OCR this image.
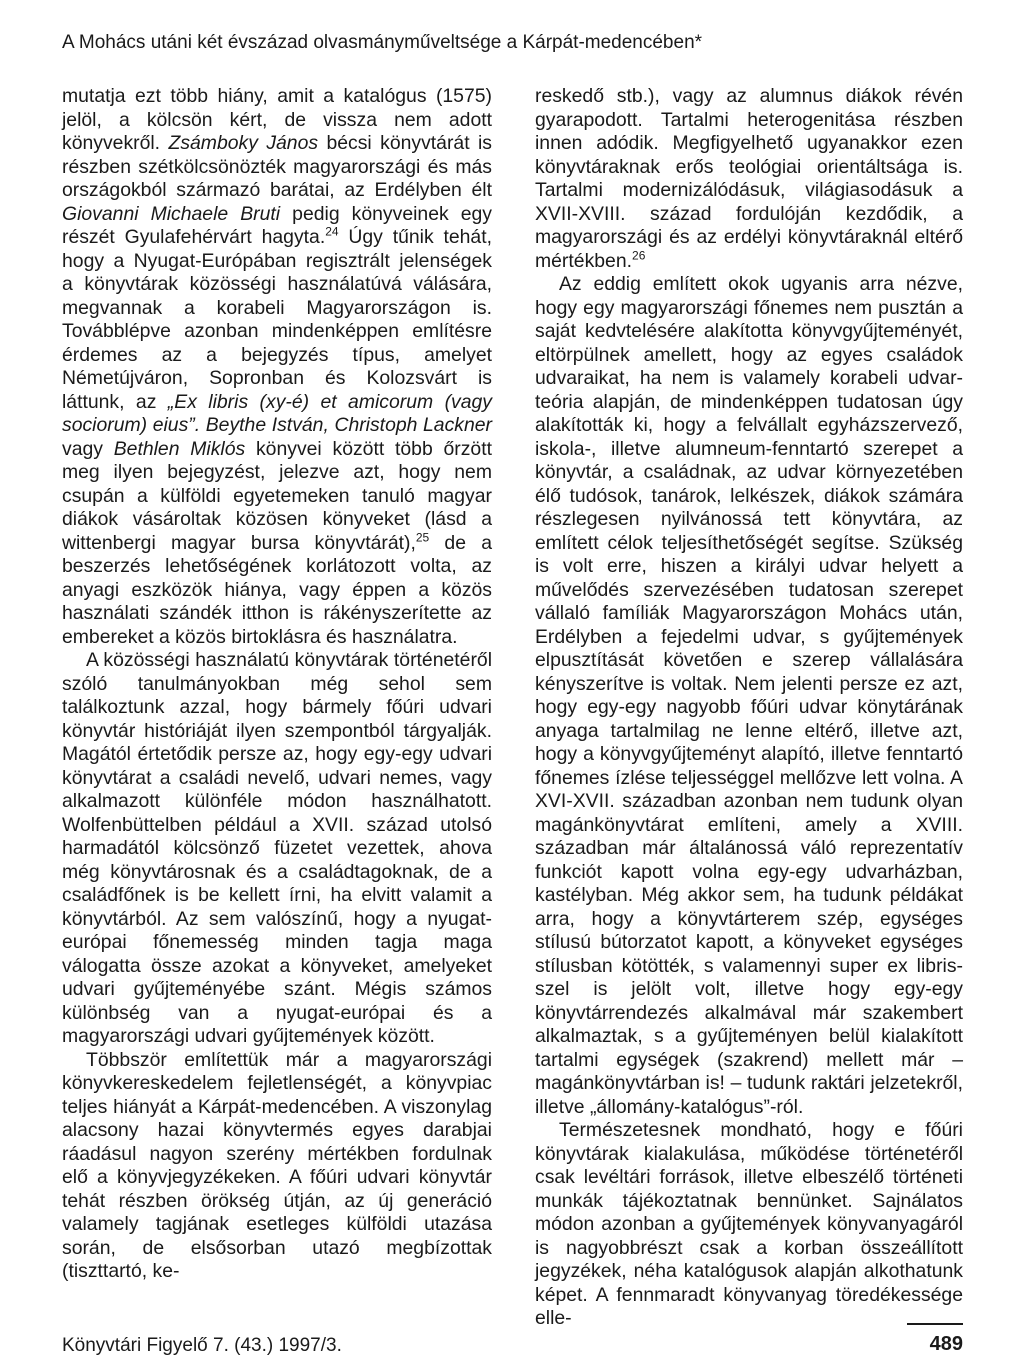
A Mohács utáni két évszázad olvasmányműveltsége a Kárpát-medencében*

mutatja ezt több hiány, amit a katalógus (1575) jelöl, a kölcsön kért, de vissza nem adott könyvekről. Zsámboky János bécsi könyvtárát is részben szétkölcsönözték magyarországi és más országokból származó barátai, az Erdélyben élt Giovanni Michaele Bruti pedig könyveinek egy részét Gyulafehérvárt hagyta.$^{24}$ Úgy tűnik tehát, hogy a Nyugat-Európában regisztrált jelenségek a könyvtárak közösségi használatúvá válására, megvannak a korabeli Magyarországon is. Továbblépve azonban mindenképpen említésre érdemes az a bejegyzés típus, amelyet Németújváron, Sopronban és Kolozsvárt is láttunk, az „Ex libris (xy-é) et amicorum (vagy sociorum) eius”. Beythe István, Christoph Lackner vagy Bethlen Miklós könyvei között több őrzött meg ilyen bejegyzést, jelezve azt, hogy nem csupán a külföldi egyetemeken tanuló magyar diákok vásároltak közösen könyveket (lásd a wittenbergi magyar bursa könyvtárát),$^{25}$ de a beszerzés lehetőségének korlátozott volta, az anyagi eszközök hiánya, vagy éppen a közös használati szándék itthon is rákényszerítette az embereket a közös birtoklásra és használatra.

A közösségi használatú könyvtárak történetéről szóló tanulmányokban még sehol sem találkoztunk azzal, hogy bármely főúri udvari könyvtár históriáját ilyen szempontból tárgyalják. Magától értetődik persze az, hogy egy-egy udvari könyvtárat a családi nevelő, udvari nemes, vagy alkalmazott különféle módon használhatott. Wolfenbüttelben például a XVII. század utolsó harmadától kölcsönző füzetet vezettek, ahova még könyvtárosnak és a családtagoknak, de a családfőnek is be kellett írni, ha elvitt valamit a könyvtárból. Az sem valószínű, hogy a nyugat-európai főnemesség minden tagja maga válogatta össze azokat a könyveket, amelyeket udvari gyűjteményébe szánt. Mégis számos különbség van a nyugat-európai és a magyarországi udvari gyűjtemények között.

Többször említettük már a magyarországi könyvkereskedelem fejletlenségét, a könyvpiac teljes hiányát a Kárpát-medencében. A viszonylag alacsony hazai könyvtermés egyes darabjai ráadásul nagyon szerény mértékben fordulnak elő a könyvjegyzékeken. A főúri udvari könyvtár tehát részben örökség útján, az új generáció valamely tagjának esetleges külföldi utazása során, de elsősorban utazó megbízottak (tiszttartó, ke-

reskedő stb.), vagy az alumnus diákok révén gyarapodott. Tartalmi heterogenitása részben innen adódik. Megfigyelhető ugyanakkor ezen könyvtáraknak erős teológiai orientáltsága is. Tartalmi modernizálódásuk, világiasodásuk a XVII-XVIII. század fordulóján kezdődik, a magyarországi és az erdélyi könyvtáraknál eltérő mértékben.$^{26}$

Az eddig említett okok ugyanis arra nézve, hogy egy magyarországi főnemes nem pusztán a saját kedvtelésére alakította könyvgyűjteményét, eltörpülnek amellett, hogy az egyes családok udvaraikat, ha nem is valamely korabeli udvar-teória alapján, de mindenképpen tudatosan úgy alakították ki, hogy a felvállalt egyházszervező, iskola-, illetve alumneum-fenntartó szerepet a könyvtár, a családnak, az udvar környezetében élő tudósok, tanárok, lelkészek, diákok számára részlegesen nyilvánossá tett könyvtára, az említett célok teljesíthetőségét segítse. Szükség is volt erre, hiszen a királyi udvar helyett a művelődés szervezésében tudatosan szerepet vállaló famíliák Magyarországon Mohács után, Erdélyben a fejedelmi udvar, s gyűjtemények elpusztítását követően e szerep vállalására kényszerítve is voltak. Nem jelenti persze ez azt, hogy egy-egy nagyobb főúri udvar könytárának anyaga tartalmilag ne lenne eltérő, illetve azt, hogy a könyvgyűjteményt alapító, illetve fenntartó főnemes ízlése teljességgel mellőzve lett volna. A XVI-XVII. században azonban nem tudunk olyan magánkönyvtárat említeni, amely a XVIII. században már általánossá váló reprezentatív funkciót kapott volna egy-egy udvarházban, kastélyban. Még akkor sem, ha tudunk példákat arra, hogy a könyvtárterem szép, egységes stílusú bútorzatot kapott, a könyveket egységes stílusban kötötték, s valamennyi super ex libris-szel is jelölt volt, illetve hogy egy-egy könyvtárrendezés alkalmával már szakembert alkalmaztak, s a gyűjteményen belül kialakított tartalmi egységek (szakrend) mellett már – magánkönyvtárban is! – tudunk raktári jelzetekről, illetve „állomány-katalógus”-ról.

Természetesnek mondható, hogy e főúri könyvtárak kialakulása, működése történetéről csak levéltári források, illetve elbeszélő történeti munkák tájékoztatnak bennünket. Sajnálatos módon azonban a gyűjtemények könyvanyagáról is nagyobbrészt csak a korban összeállított jegyzékek, néha katalógusok alapján alkothatunk képet. A fennmaradt könyvanyag töredékessége elle-

Könyvtári Figyelő 7. (43.) 1997/3.	489
